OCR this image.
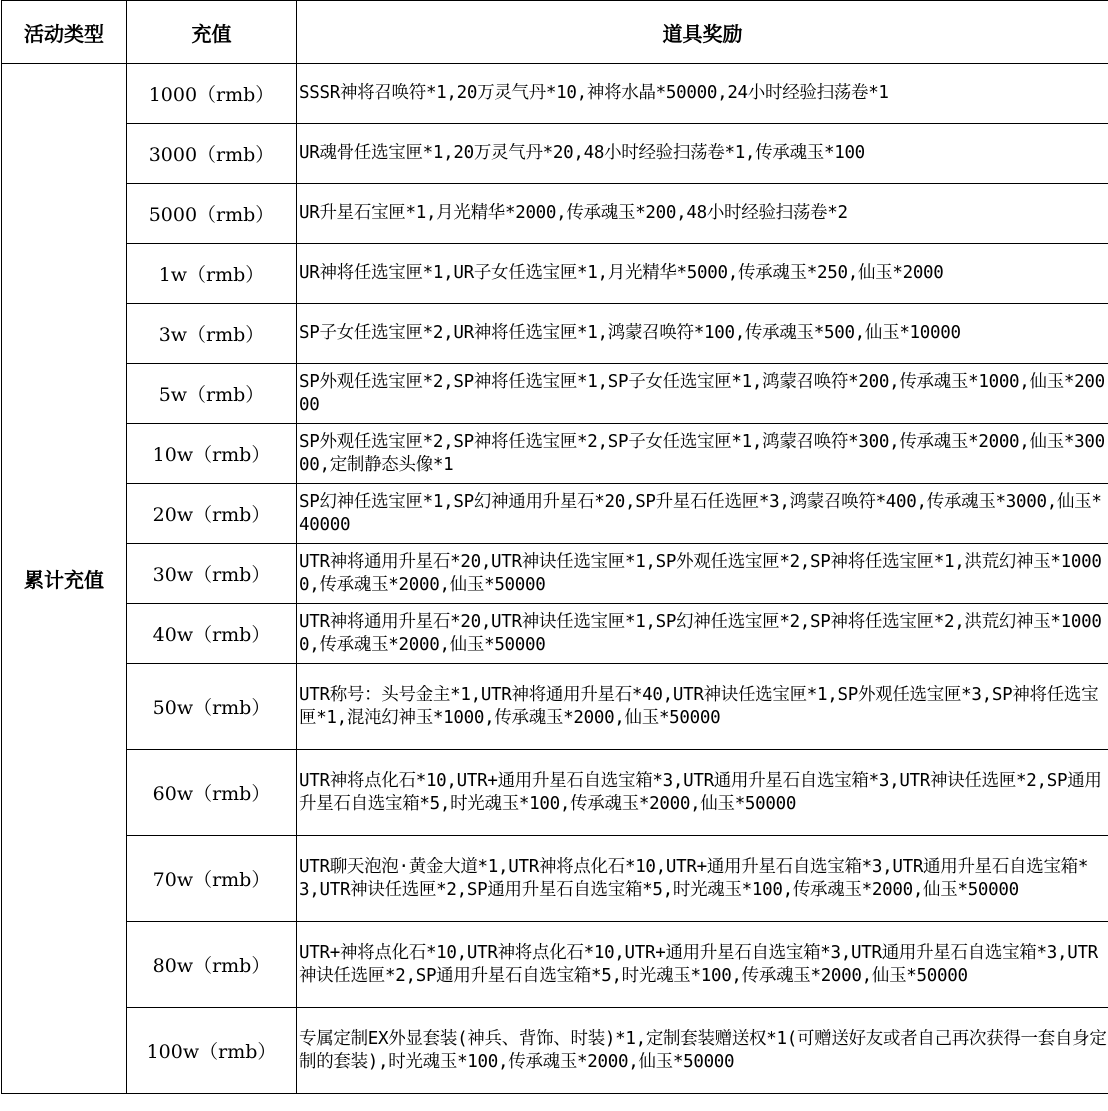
活动类型	充值	道具奖励
累计充值	1000（rmb）	SSSR神将召唤符*1,20万灵气丹*10,神将水晶*50000,24小时经验扫荡卷*1
	3000（rmb）	UR魂骨任选宝匣*1,20万灵气丹*20,48小时经验扫荡卷*1,传承魂玉*100
	5000（rmb）	UR升星石宝匣*1,月光精华*2000,传承魂玉*200,48小时经验扫荡卷*2
	1w（rmb）	UR神将任选宝匣*1,UR子女任选宝匣*1,月光精华*5000,传承魂玉*250,仙玉*2000
	3w（rmb）	SP子女任选宝匣*2,UR神将任选宝匣*1,鸿蒙召唤符*100,传承魂玉*500,仙玉*10000
	5w（rmb）	SP外观任选宝匣*2,SP神将任选宝匣*1,SP子女任选宝匣*1,鸿蒙召唤符*200,传承魂玉*1000,仙玉*20000
	10w（rmb）	SP外观任选宝匣*2,SP神将任选宝匣*2,SP子女任选宝匣*1,鸿蒙召唤符*300,传承魂玉*2000,仙玉*30000,定制静态头像*1
	20w（rmb）	SP幻神任选宝匣*1,SP幻神通用升星石*20,SP升星石任选匣*3,鸿蒙召唤符*400,传承魂玉*3000,仙玉*40000
	30w（rmb）	UTR神将通用升星石*20,UTR神诀任选宝匣*1,SP外观任选宝匣*2,SP神将任选宝匣*1,洪荒幻神玉*10000,传承魂玉*2000,仙玉*50000
	40w（rmb）	UTR神将通用升星石*20,UTR神诀任选宝匣*1,SP幻神任选宝匣*2,SP神将任选宝匣*2,洪荒幻神玉*10000,传承魂玉*2000,仙玉*50000
	50w（rmb）	UTR称号：头号金主*1,UTR神将通用升星石*40,UTR神诀任选宝匣*1,SP外观任选宝匣*3,SP神将任选宝匣*1,混沌幻神玉*1000,传承魂玉*2000,仙玉*50000
	60w（rmb）	UTR神将点化石*10,UTR+通用升星石自选宝箱*3,UTR通用升星石自选宝箱*3,UTR神诀任选匣*2,SP通用升星石自选宝箱*5,时光魂玉*100,传承魂玉*2000,仙玉*50000
	70w（rmb）	UTR聊天泡泡·黄金大道*1,UTR神将点化石*10,UTR+通用升星石自选宝箱*3,UTR通用升星石自选宝箱*3,UTR神诀任选匣*2,SP通用升星石自选宝箱*5,时光魂玉*100,传承魂玉*2000,仙玉*50000
	80w（rmb）	UTR+神将点化石*10,UTR神将点化石*10,UTR+通用升星石自选宝箱*3,UTR通用升星石自选宝箱*3,UTR神诀任选匣*2,SP通用升星石自选宝箱*5,时光魂玉*100,传承魂玉*2000,仙玉*50000
	100w（rmb）	专属定制EX外显套装(神兵、背饰、时装)*1,定制套装赠送权*1(可赠送好友或者自己再次获得一套自身定制的套装),时光魂玉*100,传承魂玉*2000,仙玉*50000
